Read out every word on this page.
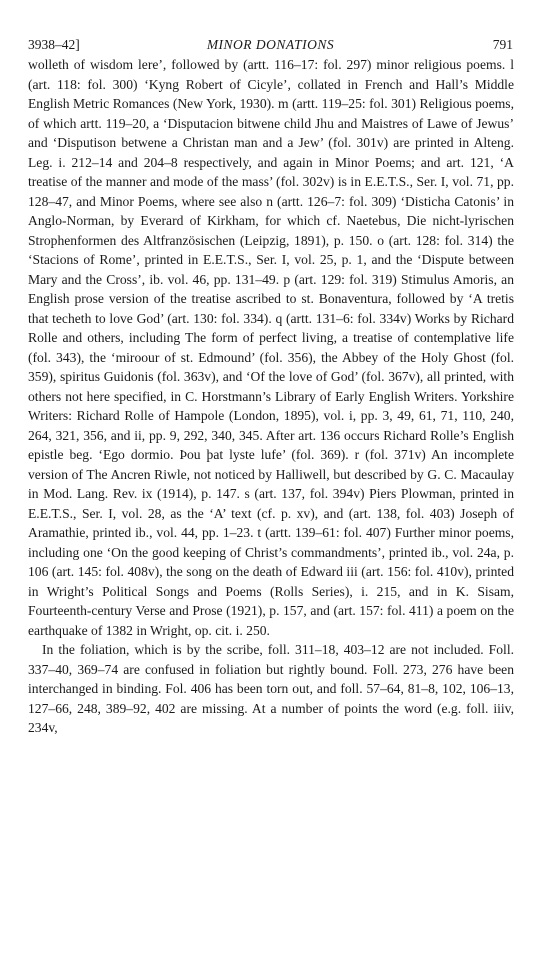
3938–42]	MINOR DONATIONS	791

wolleth of wisdom lere’, followed by (artt. 116–17: fol. 297) minor religious poems. l (art. 118: fol. 300) ‘Kyng Robert of Cicyle’, collated in French and Hall’s Middle English Metric Romances (New York, 1930). m (artt. 119–25: fol. 301) Religious poems, of which artt. 119–20, a ‘Disputacion bitwene child Jhu and Maistres of Lawe of Jewus’ and ‘Disputison betwene a Christan man and a Jew’ (fol. 301v) are printed in Alteng. Leg. i. 212–14 and 204–8 respectively, and again in Minor Poems; and art. 121, ‘A treatise of the manner and mode of the mass’ (fol. 302v) is in E.E.T.S., Ser. I, vol. 71, pp. 128–47, and Minor Poems, where see also n (artt. 126–7: fol. 309) ‘Disticha Catonis’ in Anglo-Norman, by Everard of Kirkham, for which cf. Naetebus, Die nicht-lyrischen Strophenformen des Altfranzösischen (Leipzig, 1891), p. 150. o (art. 128: fol. 314) the ‘Stacions of Rome’, printed in E.E.T.S., Ser. I, vol. 25, p. 1, and the ‘Dispute between Mary and the Cross’, ib. vol. 46, pp. 131–49. p (art. 129: fol. 319) Stimulus Amoris, an English prose version of the treatise ascribed to st. Bonaventura, followed by ‘A tretis that techeth to love God’ (art. 130: fol. 334). q (artt. 131–6: fol. 334v) Works by Richard Rolle and others, including The form of perfect living, a treatise of contemplative life (fol. 343), the ‘miroour of st. Edmound’ (fol. 356), the Abbey of the Holy Ghost (fol. 359), spiritus Guidonis (fol. 363v), and ‘Of the love of God’ (fol. 367v), all printed, with others not here specified, in C. Horstmann’s Library of Early English Writers. Yorkshire Writers: Richard Rolle of Hampole (London, 1895), vol. i, pp. 3, 49, 61, 71, 110, 240, 264, 321, 356, and ii, pp. 9, 292, 340, 345. After art. 136 occurs Richard Rolle’s English epistle beg. ‘Ego dormio. Þou þat lyste lufe’ (fol. 369). r (fol. 371v) An incomplete version of The Ancren Riwle, not noticed by Halliwell, but described by G. C. Macaulay in Mod. Lang. Rev. ix (1914), p. 147. s (art. 137, fol. 394v) Piers Plowman, printed in E.E.T.S., Ser. I, vol. 28, as the ‘A’ text (cf. p. xv), and (art. 138, fol. 403) Joseph of Aramathie, printed ib., vol. 44, pp. 1–23. t (artt. 139–61: fol. 407) Further minor poems, including one ‘On the good keeping of Christ’s commandments’, printed ib., vol. 24a, p. 106 (art. 145: fol. 408v), the song on the death of Edward iii (art. 156: fol. 410v), printed in Wright’s Political Songs and Poems (Rolls Series), i. 215, and in K. Sisam, Fourteenth-century Verse and Prose (1921), p. 157, and (art. 157: fol. 411) a poem on the earthquake of 1382 in Wright, op. cit. i. 250.

In the foliation, which is by the scribe, foll. 311–18, 403–12 are not included. Foll. 337–40, 369–74 are confused in foliation but rightly bound. Foll. 273, 276 have been interchanged in binding. Fol. 406 has been torn out, and foll. 57–64, 81–8, 102, 106–13, 127–66, 248, 389–92, 402 are missing. At a number of points the word (e.g. foll. iiiv, 234v,
